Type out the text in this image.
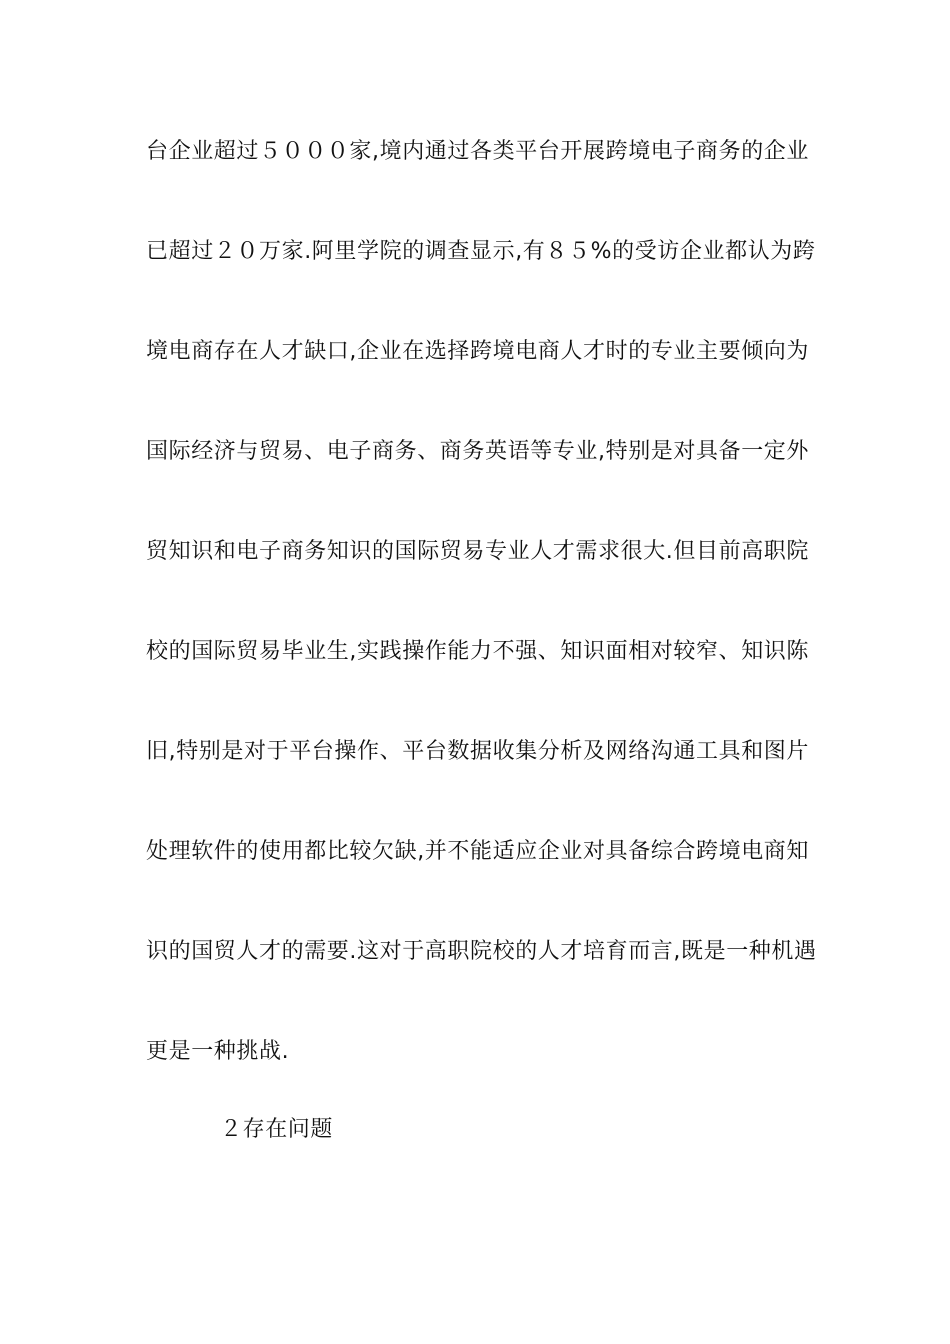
台企业超过５０００家,境内通过各类平台开展跨境电子商务的企业
已超过２０万家.阿里学院的调查显示,有８５%的受访企业都认为跨
境电商存在人才缺口,企业在选择跨境电商人才时的专业主要倾向为
国际经济与贸易、电子商务、商务英语等专业,特别是对具备一定外
贸知识和电子商务知识的国际贸易专业人才需求很大.但目前高职院
校的国际贸易毕业生,实践操作能力不强、知识面相对较窄、知识陈
旧,特别是对于平台操作、平台数据收集分析及网络沟通工具和图片
处理软件的使用都比较欠缺,并不能适应企业对具备综合跨境电商知
识的国贸人才的需要.这对于高职院校的人才培育而言,既是一种机遇
更是一种挑战.
２存在问题
